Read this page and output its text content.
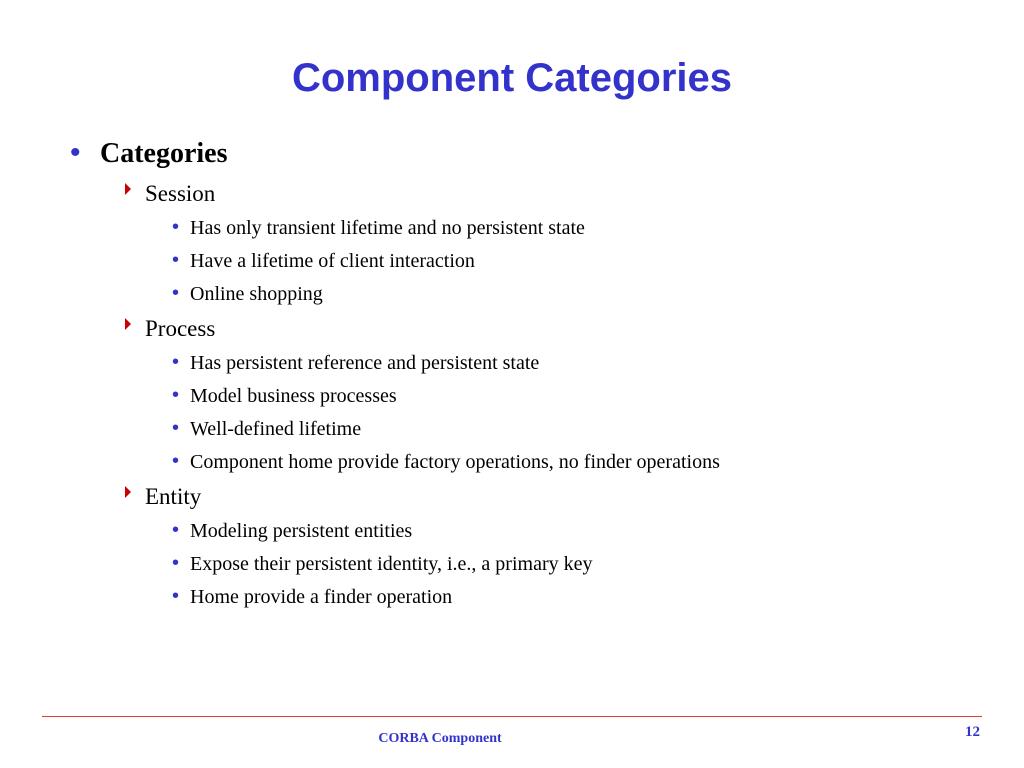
Component Categories
• Categories
Session
• Has only transient lifetime and no persistent state
• Have a lifetime of client interaction
• Online shopping
Process
• Has persistent reference and persistent state
• Model business processes
• Well-defined lifetime
• Component home provide factory operations, no finder operations
Entity
• Modeling persistent entities
• Expose their persistent identity, i.e., a primary key
• Home provide a finder operation
CORBA Component	12
